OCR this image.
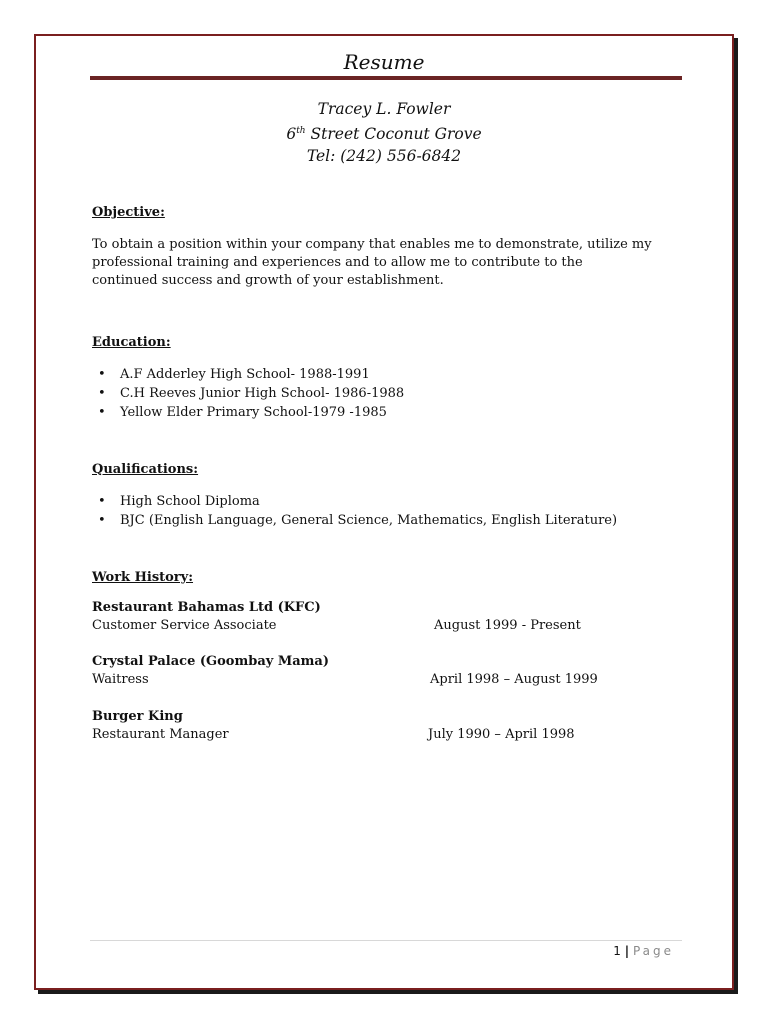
Resume
Tracey L. Fowler
6th Street Coconut Grove
Tel: (242) 556-6842
Objective:
To obtain a position within your company that enables me to demonstrate, utilize my professional training and experiences and to allow me to contribute to the continued success and growth of your establishment.
Education:
• A.F Adderley High School- 1988-1991
• C.H Reeves Junior High School- 1986-1988
• Yellow Elder Primary School-1979 -1985
Qualifications:
• High School Diploma
• BJC (English Language, General Science, Mathematics, English Literature)
Work History:
Restaurant Bahamas Ltd (KFC)
Customer Service Associate	August 1999 - Present
Crystal Palace (Goombay Mama)
Waitress	April 1998 – August 1999
Burger King
Restaurant Manager	July 1990 – April 1998
1 | Page
